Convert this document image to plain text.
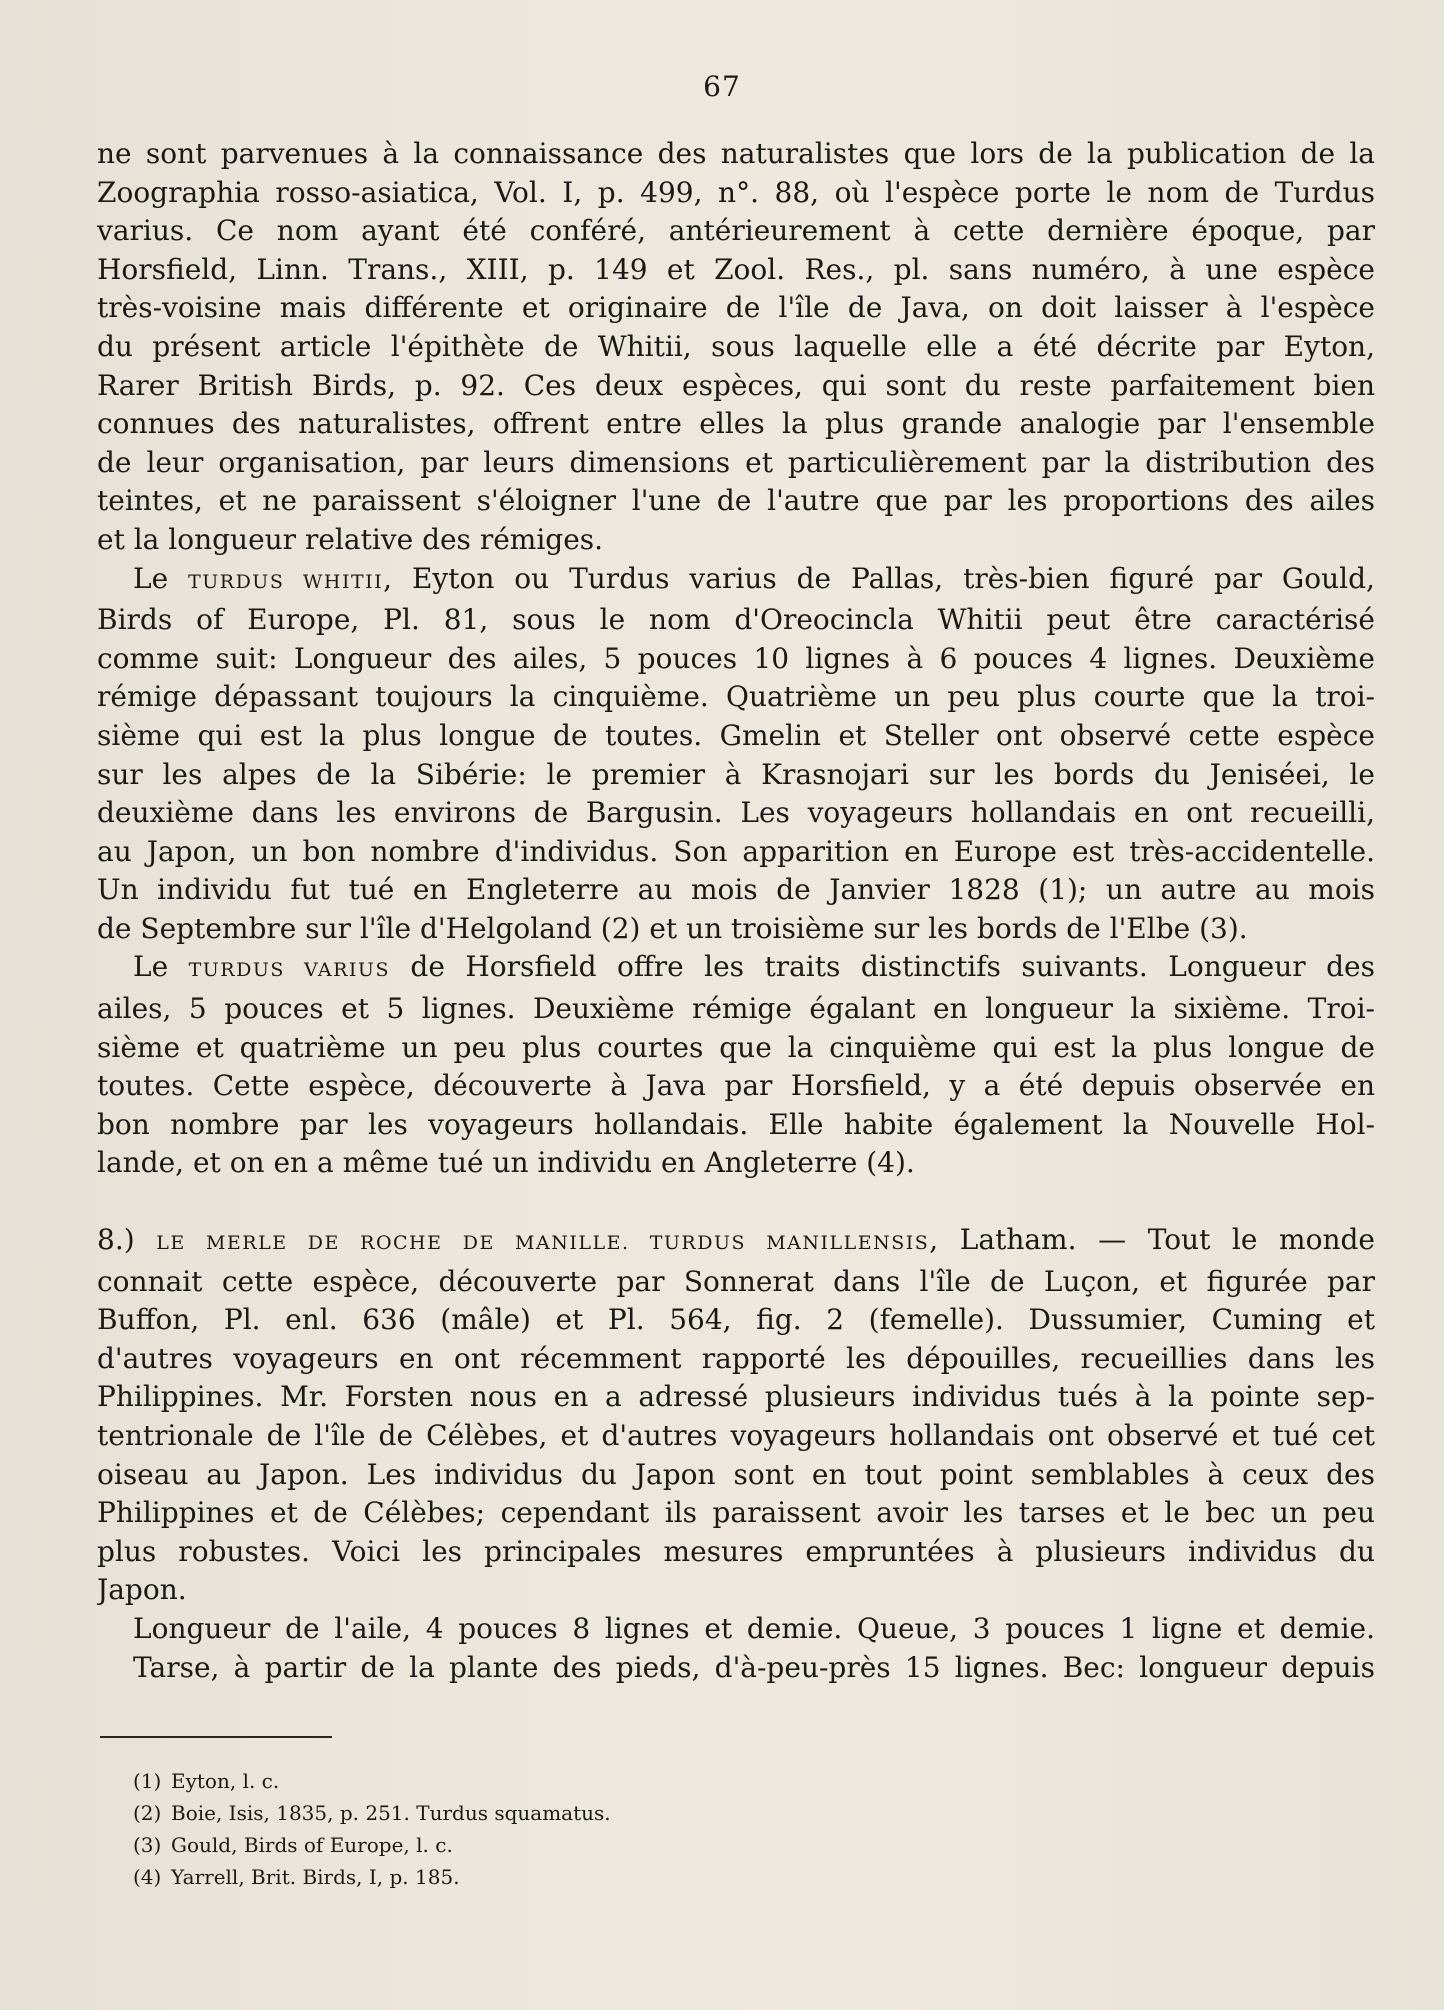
67
ne sont parvenues à la connaissance des naturalistes que lors de la publication de la
Zoographia rosso-asiatica, Vol. I, p. 499, n°. 88, où l'espèce porte le nom de Turdus
varius. Ce nom ayant été conféré, antérieurement à cette dernière époque, par
Horsfield, Linn. Trans., XIII, p. 149 et Zool. Res., pl. sans numéro, à une espèce
très-voisine mais différente et originaire de l'île de Java, on doit laisser à l'espèce
du présent article l'épithète de Whitii, sous laquelle elle a été décrite par Eyton,
Rarer British Birds, p. 92. Ces deux espèces, qui sont du reste parfaitement bien
connues des naturalistes, offrent entre elles la plus grande analogie par l'ensemble
de leur organisation, par leurs dimensions et particulièrement par la distribution des
teintes, et ne paraissent s'éloigner l'une de l'autre que par les proportions des ailes
et la longueur relative des rémiges.
Le TURDUS WHITII, Eyton ou Turdus varius de Pallas, très-bien figuré par Gould,
Birds of Europe, Pl. 81, sous le nom d'Oreocincla Whitii peut être caractérisé
comme suit: Longueur des ailes, 5 pouces 10 lignes à 6 pouces 4 lignes. Deuxième
rémige dépassant toujours la cinquième. Quatrième un peu plus courte que la troi-
sième qui est la plus longue de toutes. Gmelin et Steller ont observé cette espèce
sur les alpes de la Sibérie: le premier à Krasnojari sur les bords du Jeniséei, le
deuxième dans les environs de Bargusin. Les voyageurs hollandais en ont recueilli,
au Japon, un bon nombre d'individus. Son apparition en Europe est très-accidentelle.
Un individu fut tué en Engleterre au mois de Janvier 1828 (1); un autre au mois
de Septembre sur l'île d'Helgoland (2) et un troisième sur les bords de l'Elbe (3).
Le TURDUS VARIUS de Horsfield offre les traits distinctifs suivants. Longueur des
ailes, 5 pouces et 5 lignes. Deuxième rémige égalant en longueur la sixième. Troi-
sième et quatrième un peu plus courtes que la cinquième qui est la plus longue de
toutes. Cette espèce, découverte à Java par Horsfield, y a été depuis observée en
bon nombre par les voyageurs hollandais. Elle habite également la Nouvelle Hol-
lande, et on en a même tué un individu en Angleterre (4).
8.) LE MERLE DE ROCHE DE MANILLE. TURDUS MANILLENSIS, Latham. — Tout le monde
connait cette espèce, découverte par Sonnerat dans l'île de Luçon, et figurée par
Buffon, Pl. enl. 636 (mâle) et Pl. 564, fig. 2 (femelle). Dussumier, Cuming et
d'autres voyageurs en ont récemment rapporté les dépouilles, recueillies dans les
Philippines. Mr. Forsten nous en a adressé plusieurs individus tués à la pointe sep-
tentrionale de l'île de Célèbes, et d'autres voyageurs hollandais ont observé et tué cet
oiseau au Japon. Les individus du Japon sont en tout point semblables à ceux des
Philippines et de Célèbes; cependant ils paraissent avoir les tarses et le bec un peu
plus robustes. Voici les principales mesures empruntées à plusieurs individus du
Japon.
Longueur de l'aile, 4 pouces 8 lignes et demie. Queue, 3 pouces 1 ligne et demie.
Tarse, à partir de la plante des pieds, d'à-peu-près 15 lignes. Bec: longueur depuis
(1) Eyton, l. c.
(2) Boie, Isis, 1835, p. 251. Turdus squamatus.
(3) Gould, Birds of Europe, l. c.
(4) Yarrell, Brit. Birds, I, p. 185.
